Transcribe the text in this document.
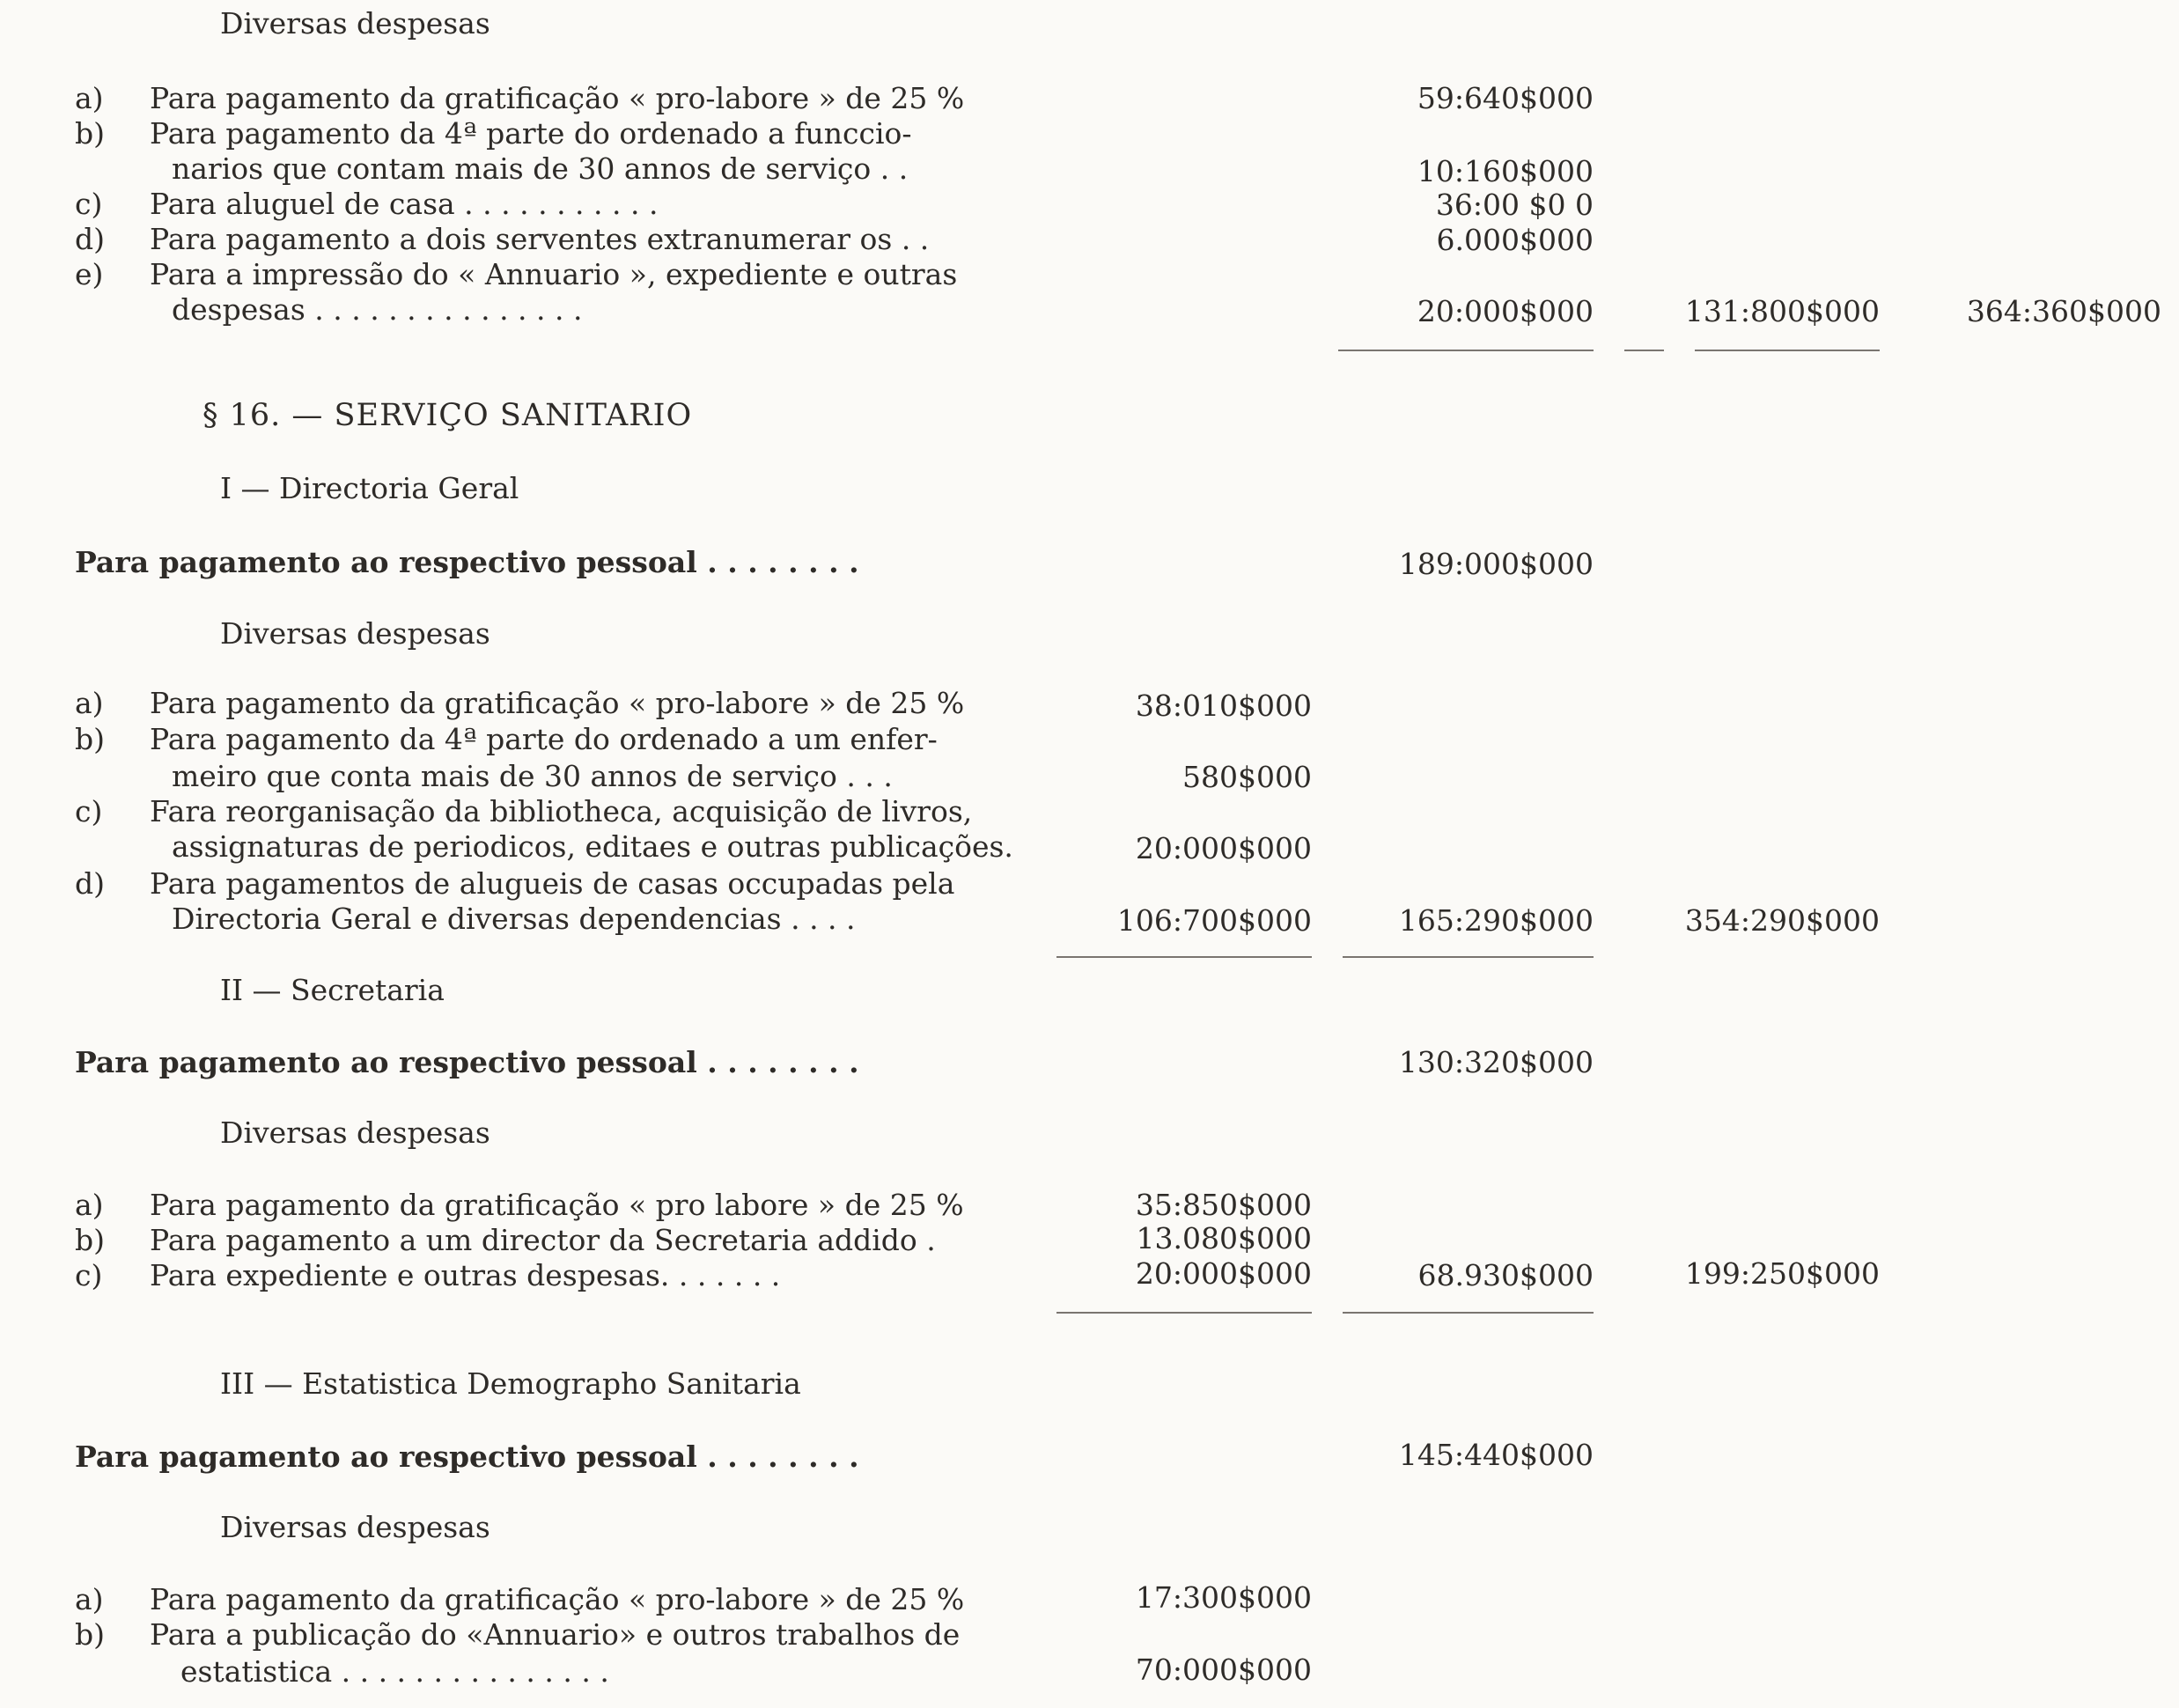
Diversas despesas
a) Para pagamento da gratificação « pro-labore » de 25 %	59:640$000
b) Para pagamento da 4ª parte do ordenado a funccio-
narios que contam mais de 30 annos de serviço . .	10:160$000
c) Para aluguel de casa . . . . . . . . . . .	36:00 $0 0
d) Para pagamento a dois serventes extranumerar os . .	6.000$000
e) Para a impressão do « Annuario », expediente e outras
despesas . . . . . . . . . . . . . . .	20:000$000	131:800$000	364:360$000
§ 16. — SERVIÇO SANITARIO
I — Directoria Geral
Para pagamento ao respectivo pessoal . . . . . . . .	189:000$000
Diversas despesas
a) Para pagamento da gratificação « pro-labore » de 25 %	38:010$000
b) Para pagamento da 4ª parte do ordenado a um enfer-
meiro que conta mais de 30 annos de serviço . . .	580$000
c) Fara reorganisação da bibliotheca, acquisição de livros,
assignaturas de periodicos, editaes e outras publicações.	20:000$000
d) Para pagamentos de alugueis de casas occupadas pela
Directoria Geral e diversas dependencias . . . .	106:700$000	165:290$000	354:290$000
II — Secretaria
Para pagamento ao respectivo pessoal . . . . . . . .	130:320$000
Diversas despesas
a) Para pagamento da gratificação « pro labore » de 25 %	35:850$000
b) Para pagamento a um director da Secretaria addido .	13.080$000
c) Para expediente e outras despesas. . . . . . .	20:000$000	68.930$000	199:250$000
III — Estatistica Demographo Sanitaria
Para pagamento ao respectivo pessoal . . . . . . . .	145:440$000
Diversas despesas
a) Para pagamento da gratificação « pro-labore » de 25 %	17:300$000
b) Para a publicação do «Annuario» e outros trabalhos de
estatistica . . . . . . . . . . . . . . .	70:000$000
